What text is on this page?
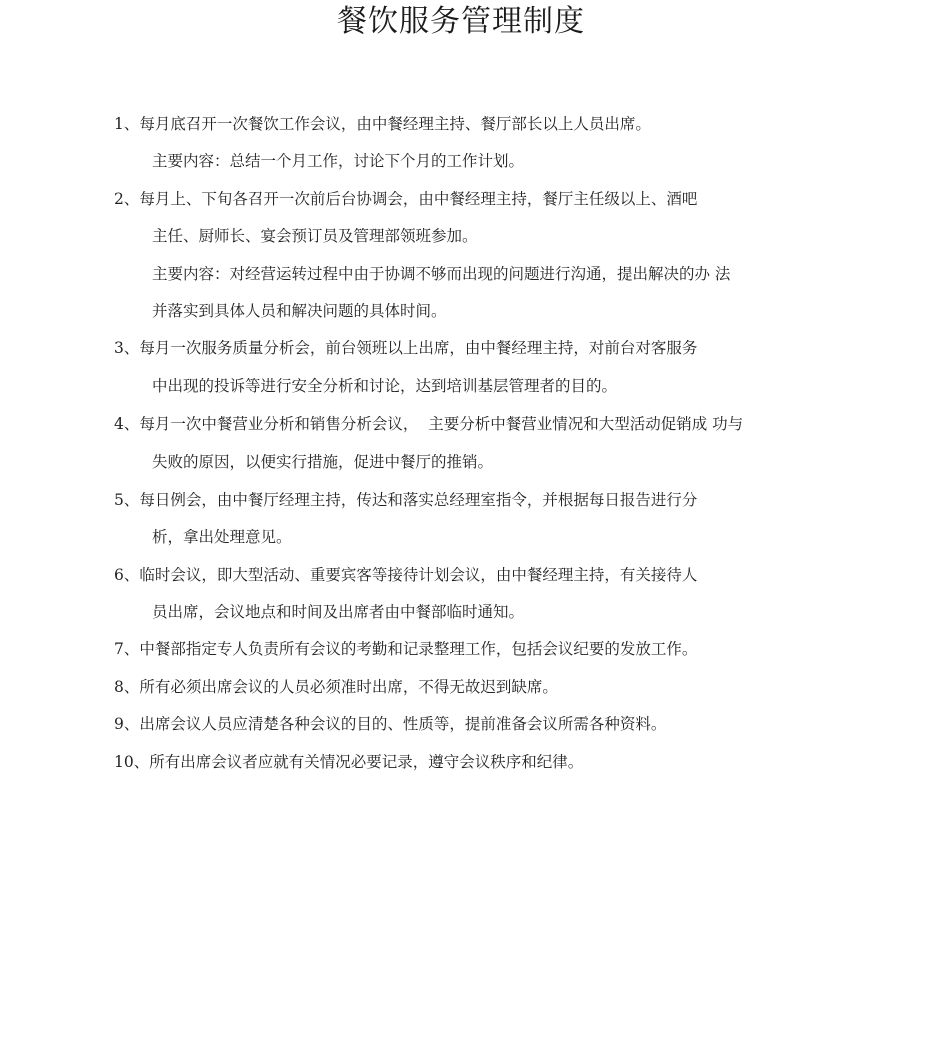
餐饮服务管理制度
1、每月底召开一次餐饮工作会议，由中餐经理主持、餐厅部长以上人员出席。
主要内容：总结一个月工作，讨论下个月的工作计划。
2、每月上、下旬各召开一次前后台协调会，由中餐经理主持，餐厅主任级以上、酒吧
主任、厨师长、宴会预订员及管理部领班参加。
主要内容：对经营运转过程中由于协调不够而出现的问题进行沟通，提出解决的办 法
并落实到具体人员和解决问题的具体时间。
3、每月一次服务质量分析会，前台领班以上出席，由中餐经理主持，对前台对客服务
中出现的投诉等进行安全分析和讨论，达到培训基层管理者的目的。
4、每月一次中餐营业分析和销售分析会议，  主要分析中餐营业情况和大型活动促销成 功与
失败的原因，以便实行措施，促进中餐厅的推销。
5、每日例会，由中餐厅经理主持，传达和落实总经理室指令，并根据每日报告进行分
析，拿出处理意见。
6、临时会议，即大型活动、重要宾客等接待计划会议，由中餐经理主持，有关接待人
员出席，会议地点和时间及出席者由中餐部临时通知。
7、中餐部指定专人负责所有会议的考勤和记录整理工作，包括会议纪要的发放工作。
8、所有必须出席会议的人员必须准时出席，不得无故迟到缺席。
9、出席会议人员应清楚各种会议的目的、性质等，提前准备会议所需各种资料。
10、所有出席会议者应就有关情况必要记录，遵守会议秩序和纪律。
